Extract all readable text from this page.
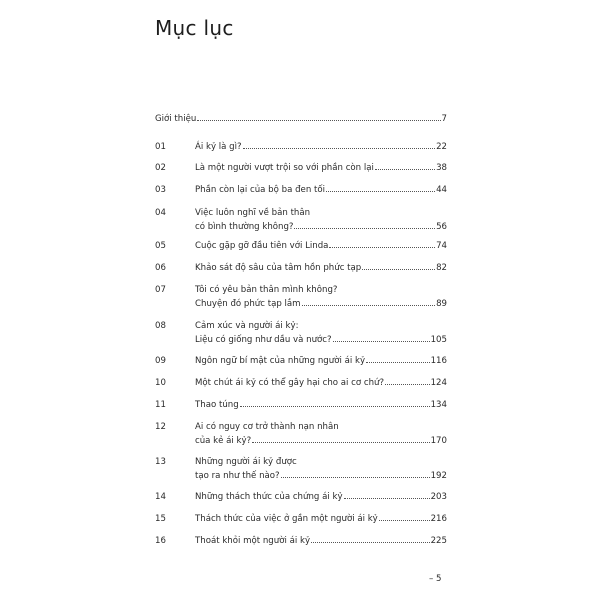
Mục lục
Giới thiệu	7
01	Ái kỷ là gì?	22
02	Là một người vượt trội so với phần còn lại	38
03	Phần còn lại của bộ ba đen tối	44
04	Việc luôn nghĩ về bản thân
có bình thường không?	56
05	Cuộc gặp gỡ đầu tiên với Linda	74
06	Khảo sát độ sâu của tâm hồn phức tạp	82
07	Tôi có yêu bản thân mình không?
Chuyện đó phức tạp lắm	89
08	Cảm xúc và người ái kỷ:
Liệu có giống như dầu và nước?	105
09	Ngôn ngữ bí mật của những người ái kỷ	116
10	Một chút ái kỷ có thể gây hại cho ai cơ chứ?	124
11	Thao túng	134
12	Ai có nguy cơ trở thành nạn nhân
của kẻ ái kỷ?	170
13	Những người ái kỷ được
tạo ra như thế nào?	192
14	Những thách thức của chứng ái kỷ	203
15	Thách thức của việc ở gần một người ái kỷ	216
16	Thoát khỏi một người ái kỷ	225
– 5
